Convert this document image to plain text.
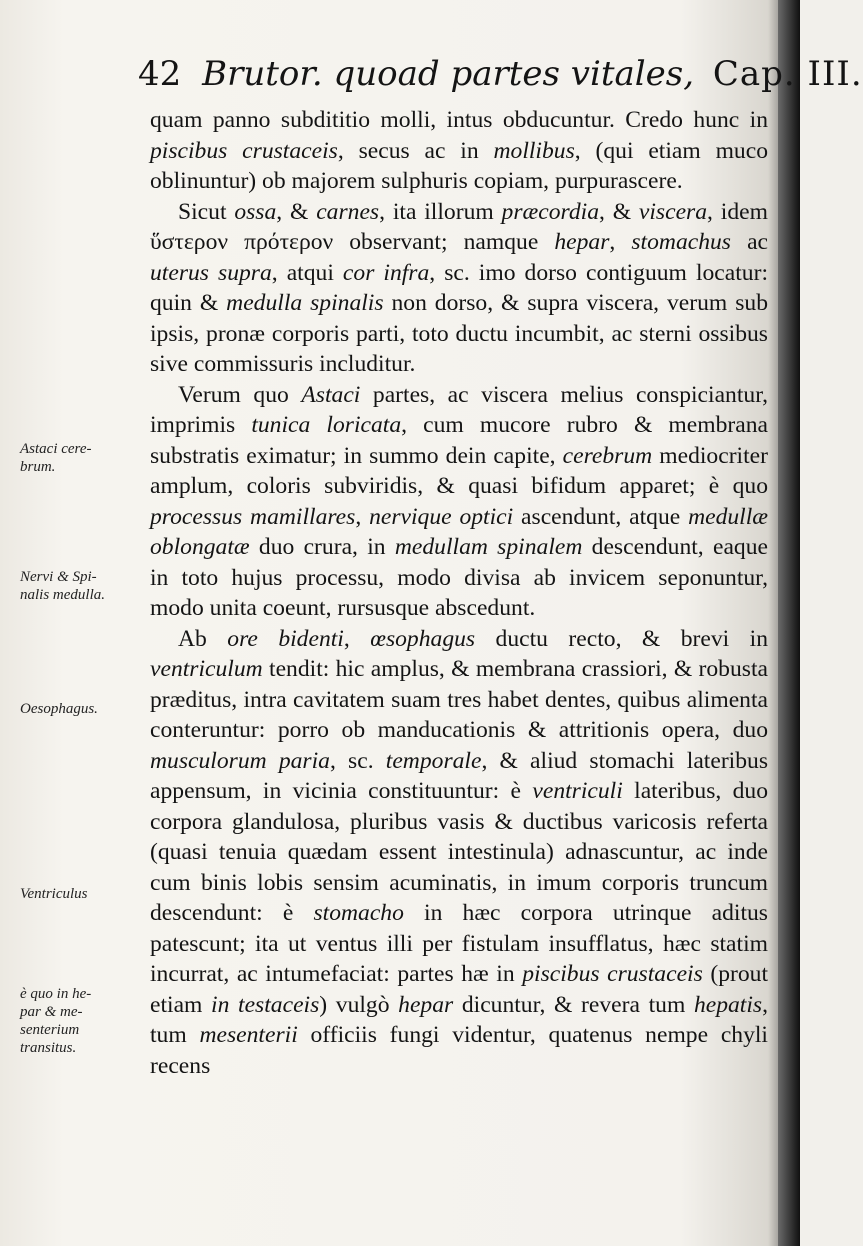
42 Brutor. quoad partes vitales, Cap. III.
Astaci cere-
brum.
Nervi & Spi-
nalis medulla.
Oesophagus.
Ventriculus
è quo in he-
par & me-
senterium
transitus.

quam panno subdititio molli, intus obducuntur. Credo hunc in piscibus crustaceis, secus ac in mollibus, (qui etiam muco oblinuntur) ob majorem sulphuris copiam, purpurascere.

Sicut ossa, & carnes, ita illorum præcordia, & viscera, idem ὕστερον πρότερον observant; namque hepar, stomachus ac uterus supra, atqui cor infra, sc. imo dorso contiguum locatur: quin & medulla spinalis non dorso, & supra viscera, verum sub ipsis, pronæ corporis parti, toto ductu incumbit, ac sterni ossibus sive commissuris includitur.

Verum quo Astaci partes, ac viscera melius conspiciantur, imprimis tunica loricata, cum mucore rubro & membrana substratis eximatur; in summo dein capite, cerebrum mediocriter amplum, coloris subviridis, & quasi bifidum apparet; è quo processus mamillares, nervique optici ascendunt, atque medullæ oblongatæ duo crura, in medullam spinalem descendunt, eaque in toto hujus processu, modo divisa ab invicem seponuntur, modo unita coeunt, rursusque abscedunt.

Ab ore bidenti, œsophagus ductu recto, & brevi in ventriculum tendit: hic amplus, & membrana crassiori, & robusta præditus, intra cavitatem suam tres habet dentes, quibus alimenta conteruntur: porro ob manducationis & attritionis opera, duo musculorum paria, sc. temporale, & aliud stomachi lateribus appensum, in vicinia constituuntur: è ventriculi lateribus, duo corpora glandulosa, pluribus vasis & ductibus varicosis referta (quasi tenuia quædam essent intestinula) adnascuntur, ac inde cum binis lobis sensim acuminatis, in imum corporis truncum descendunt: è stomacho in hæc corpora utrinque aditus patescunt; ita ut ventus illi per fistulam insufflatus, hæc statim incurrat, ac intumefaciat: partes hæ in piscibus crustaceis (prout etiam in testaceis) vulgò hepar dicuntur, & revera tum hepatis, tum mesenterii officiis fungi videntur, quatenus nempe chyli recens
